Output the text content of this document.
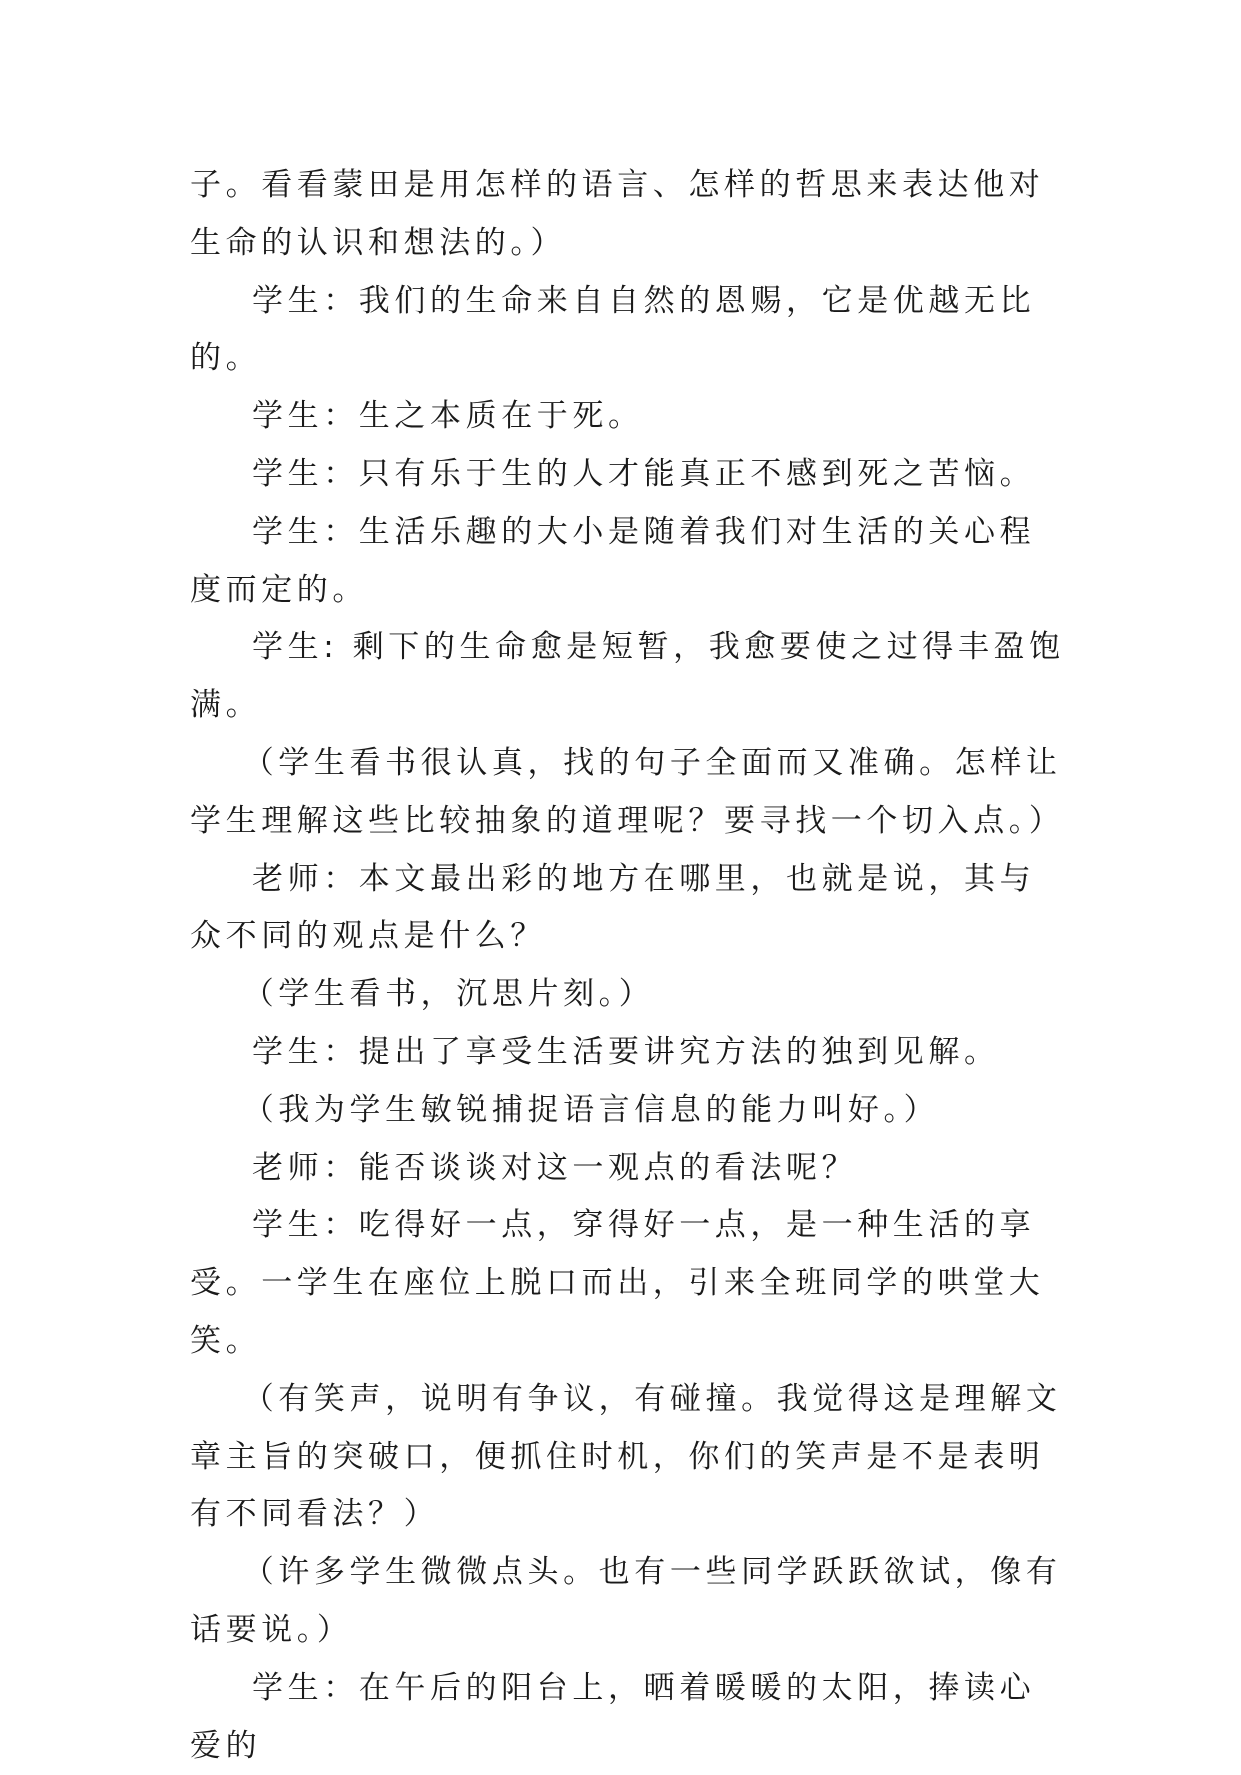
子。看看蒙田是用怎样的语言、怎样的哲思来表达他对生命的认识和想法的。）

学生：我们的生命来自自然的恩赐，它是优越无比的。

学生：生之本质在于死。

学生：只有乐于生的人才能真正不感到死之苦恼。

学生：生活乐趣的大小是随着我们对生活的关心程度而定的。

学生: 剩下的生命愈是短暂，我愈要使之过得丰盈饱满。

（学生看书很认真，找的句子全面而又准确。怎样让学生理解这些比较抽象的道理呢？要寻找一个切入点。）

老师：本文最出彩的地方在哪里，也就是说，其与众不同的观点是什么？

（学生看书，沉思片刻。）

学生：提出了享受生活要讲究方法的独到见解。

（我为学生敏锐捕捉语言信息的能力叫好。）

老师：能否谈谈对这一观点的看法呢？

学生：吃得好一点，穿得好一点，是一种生活的享受。一学生在座位上脱口而出，引来全班同学的哄堂大笑。

（有笑声，说明有争议，有碰撞。我觉得这是理解文章主旨的突破口，便抓住时机，你们的笑声是不是表明有不同看法？）

（许多学生微微点头。也有一些同学跃跃欲试，像有话要说。）

学生：在午后的阳台上，晒着暖暖的太阳，捧读心爱的
